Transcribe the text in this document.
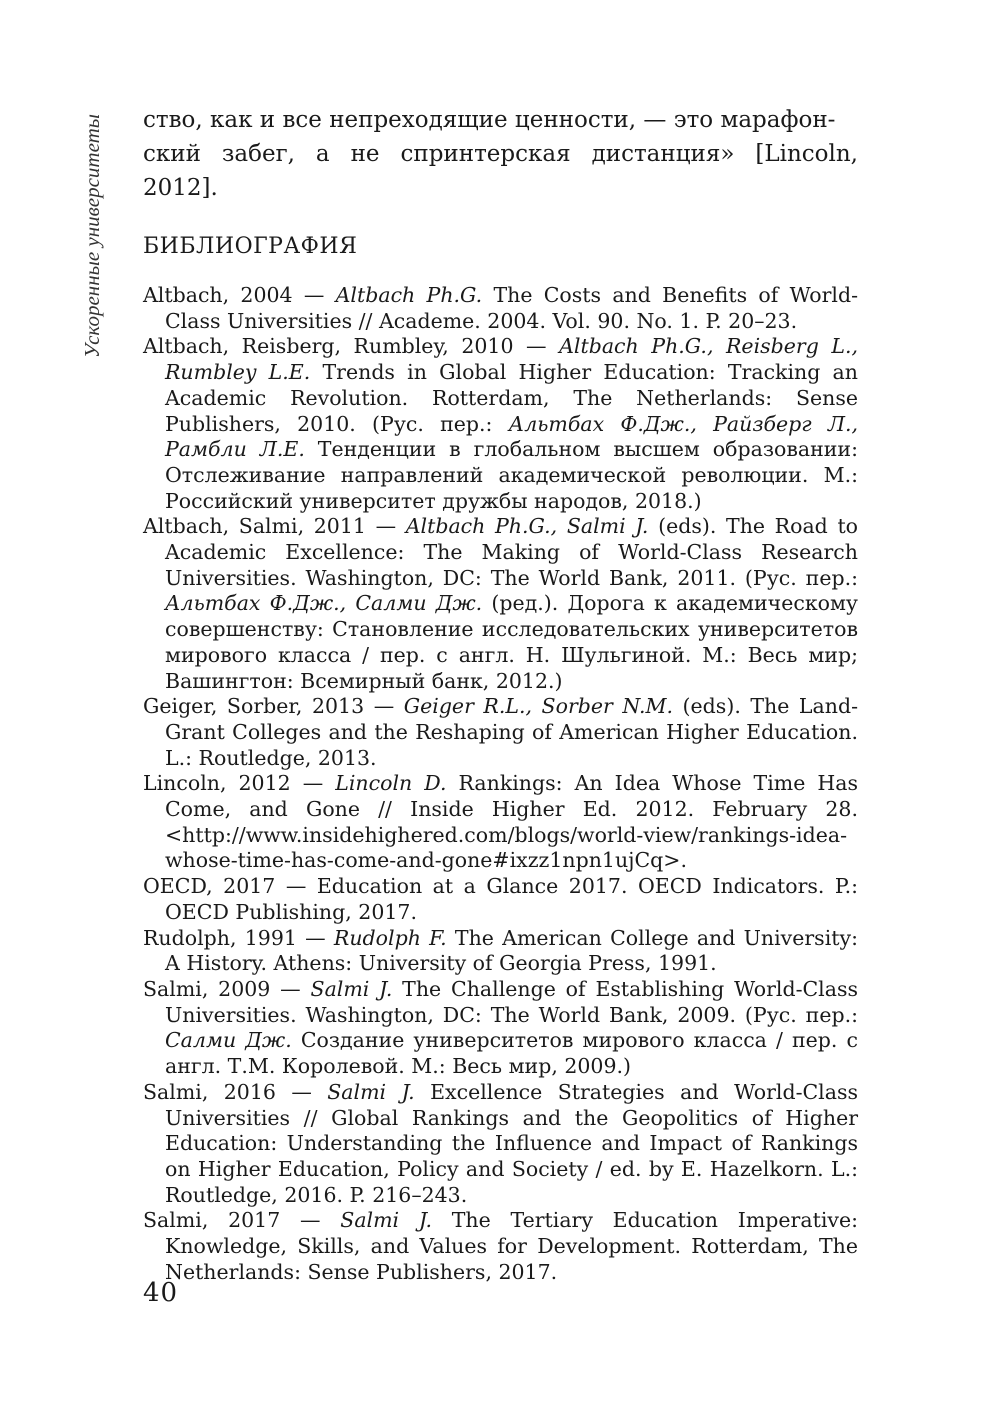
Ускоренные университеты ство, как и все непреходящие ценности, — это марафон-

ский забег, а не спринтерская дистанция» [Lincoln, 2012].

БИБЛИОГРАФИЯ
Altbach, 2004 — Altbach Ph.G. The Costs and Benefits of World-Class Universities // Academe. 2004. Vol. 90. No. 1. P. 20–23.
Altbach, Reisberg, Rumbley, 2010 — Altbach Ph.G., Reisberg L., Rumbley L.E. Trends in Global Higher Education: Tracking an Academic Revolution. Rotterdam, The Netherlands: Sense Publishers, 2010. (Рус. пер.: Альтбах Ф.Дж., Райзберг Л., Рамбли Л.Е. Тенденции в глобальном высшем образовании: Отслеживание направлений академической революции. М.: Российский университет дружбы народов, 2018.)
Altbach, Salmi, 2011 — Altbach Ph.G., Salmi J. (eds). The Road to Academic Excellence: The Making of World-Class Research Universities. Washington, DC: The World Bank, 2011. (Рус. пер.: Альтбах Ф.Дж., Салми Дж. (ред.). Дорога к академическому совершенству: Становление исследовательских университетов мирового класса / пер. с англ. Н. Шульгиной. М.: Весь мир; Вашингтон: Всемирный банк, 2012.)
Geiger, Sorber, 2013 — Geiger R.L., Sorber N.M. (eds). The Land-Grant Colleges and the Reshaping of American Higher Education. L.: Routledge, 2013.
Lincoln, 2012 — Lincoln D. Rankings: An Idea Whose Time Has Come, and Gone // Inside Higher Ed. 2012. February 28. <http://www.insidehighered.com/blogs/world-view/rankings-idea-whose-time-has-come-and-gone#ixzz1npn1ujCq>.
OECD, 2017 — Education at a Glance 2017. OECD Indicators. P.: OECD Publishing, 2017.
Rudolph, 1991 — Rudolph F. The American College and University: A History. Athens: University of Georgia Press, 1991.
Salmi, 2009 — Salmi J. The Challenge of Establishing World-Class Universities. Washington, DC: The World Bank, 2009. (Рус. пер.: Салми Дж. Создание университетов мирового класса / пер. с англ. Т.М. Королевой. М.: Весь мир, 2009.)
Salmi, 2016 — Salmi J. Excellence Strategies and World-Class Universities // Global Rankings and the Geopolitics of Higher Education: Understanding the Influence and Impact of Rankings on Higher Education, Policy and Society / ed. by E. Hazelkorn. L.: Routledge, 2016. P. 216–243.
Salmi, 2017 — Salmi J. The Tertiary Education Imperative: Knowledge, Skills, and Values for Development. Rotterdam, The Netherlands: Sense Publishers, 2017.
40
